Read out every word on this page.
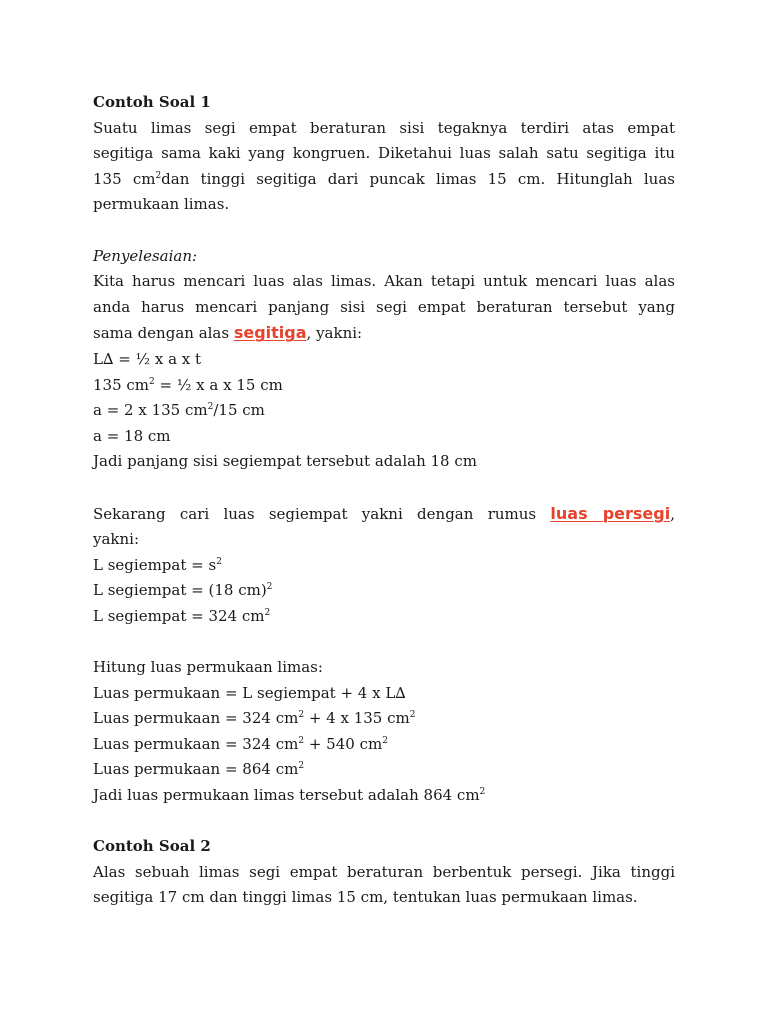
Contoh Soal 1
Suatu limas segi empat beraturan sisi tegaknya terdiri atas empat
segitiga sama kaki yang kongruen. Diketahui luas salah satu segitiga itu
135 $cm^2dan$ tinggi segitiga dari puncak limas 15 cm. Hitunglah luas
permukaan limas.
Penyelesaian:
Kita harus mencari luas alas limas. Akan tetapi untuk mencari luas alas
anda harus mencari panjang sisi segi empat beraturan tersebut yang
sama dengan alas segitiga, yakni:
L∆ = ½ x a x t
135 $cm^2$ = ½ x a x 15 cm
a = 2 x 135 $cm^2/15$ cm
a = 18 cm
Jadi panjang sisi segiempat tersebut adalah 18 cm
Sekarang cari luas segiempat yakni dengan rumus luas persegi,
yakni:
L segiempat = $s^2$
L segiempat = (18 cm)$^2$
L segiempat = 324 $cm^2$
Hitung luas permukaan limas:
Luas permukaan = L segiempat + 4 x L∆
Luas permukaan = 324 $cm^2 + 4$ x 135 $cm^2$
Luas permukaan = 324 $cm^2 + 540$ $cm^2$
Luas permukaan = 864 $cm^2$
Jadi luas permukaan limas tersebut adalah 864 $cm^2$
Contoh Soal 2
Alas sebuah limas segi empat beraturan berbentuk persegi. Jika tinggi
segitiga 17 cm dan tinggi limas 15 cm, tentukan luas permukaan limas.
